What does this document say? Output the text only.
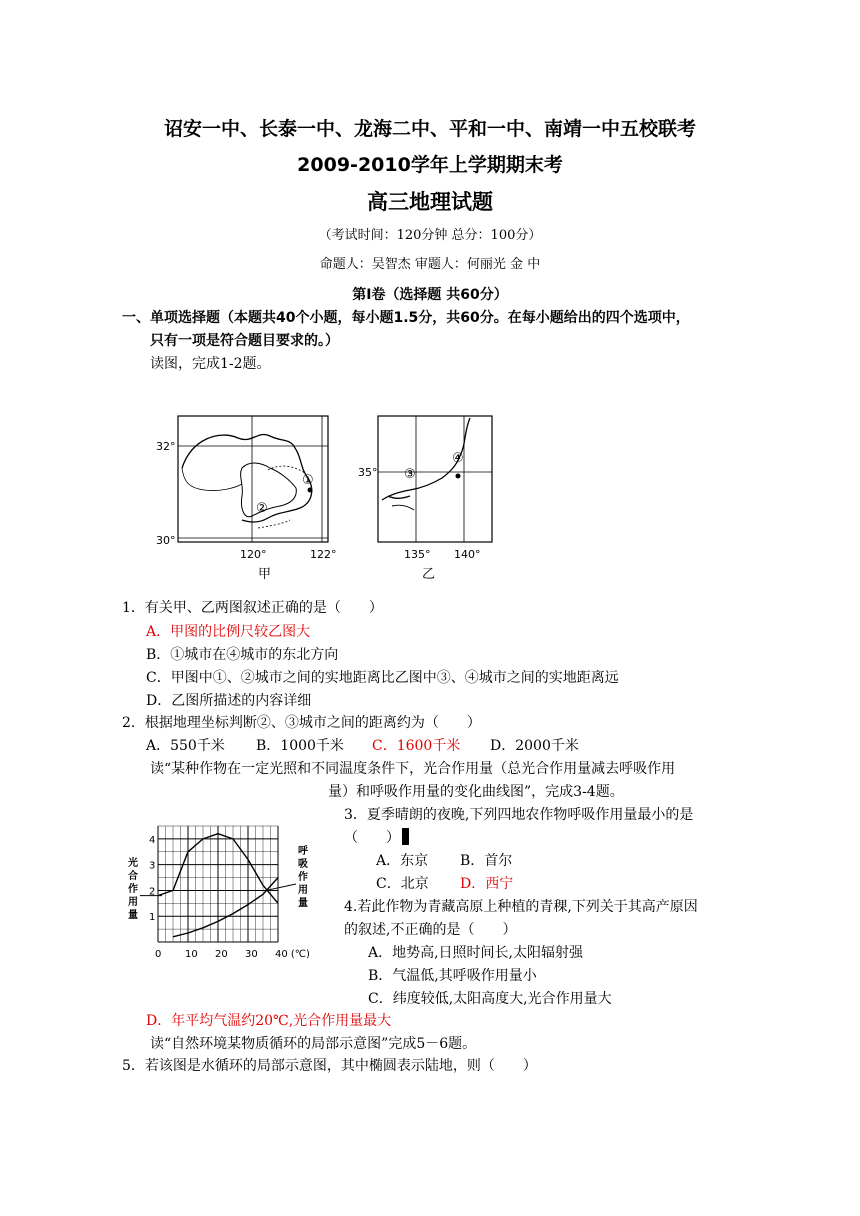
诏安一中、长泰一中、龙海二中、平和一中、南靖一中五校联考
2009-2010学年上学期期末考
高三地理试题
（考试时间：120分钟 总分：100分）
命题人：吴智杰 审题人：何丽光 金 中
第Ⅰ卷（选择题 共60分）
一、单项选择题（本题共40个小题，每小题1.5分，共60分。在每小题给出的四个选项中，
只有一项是符合题目要求的。）
读图，完成1-2题。
①
②
32°
30°
120°	122°
甲
④
③
35°
135° 140°
乙
1．有关甲、乙两图叙述正确的是（　　）
A．甲图的比例尺较乙图大
B．①城市在④城市的东北方向
C．甲图中①、②城市之间的实地距离比乙图中③、④城市之间的实地距离远
D．乙图所描述的内容详细
2．根据地理坐标判断②、③城市之间的距离约为（　　）
A．550千米 B．1000千米 C．1600千米 D．2000千米
读“某种作物在一定光照和不同温度条件下，光合作用量（总光合作用量减去呼吸作用
量）和呼吸作用量的变化曲线图”，完成3-4题。
0 10 20 30 40 (℃)
1
2
3
4
光
合
作
用
量
呼
吸
作
用
量
3．夏季晴朗的夜晚,下列四地农作物呼吸作用量最小的是
（　　）
A．东京 B．首尔
C．北京 D．西宁
4.若此作物为青藏高原上种植的青稞,下列关于其高产原因
的叙述,不正确的是（　　）
A．地势高,日照时间长,太阳辐射强
B．气温低,其呼吸作用量小
C．纬度较低,太阳高度大,光合作用量大
D．年平均气温约20℃,光合作用量最大
读“自然环境某物质循环的局部示意图”完成5－6题。
5．若该图是水循环的局部示意图，其中椭圆表示陆地，则（　　）
